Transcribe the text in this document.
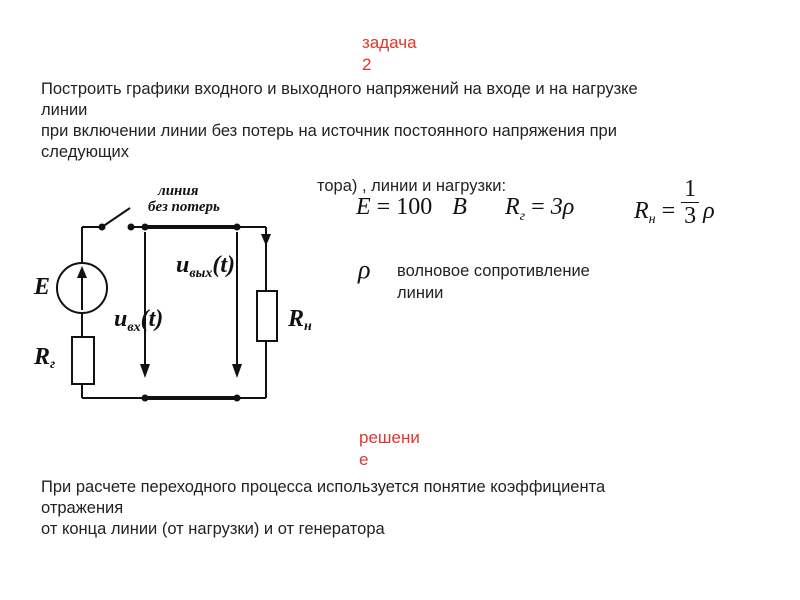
задача
2
Построить графики входного и выходного напряжений на входе и на нагрузке
линии
при включении линии без потерь на источник постоянного напряжения при
следующих
тора) , линии и нагрузки:
E = 100 B $R_г = 3\rho$ $R_н = \frac{1}{3}$ ρ
ρ волновое сопротивление
линии
линия
без потерь
E
Rг
Rн
$u_{вх}(t)$
$u_{вых}(t)$
решени
е
При расчете переходного процесса используется понятие коэффициента
отражения
от конца линии (от нагрузки) и от генератора
